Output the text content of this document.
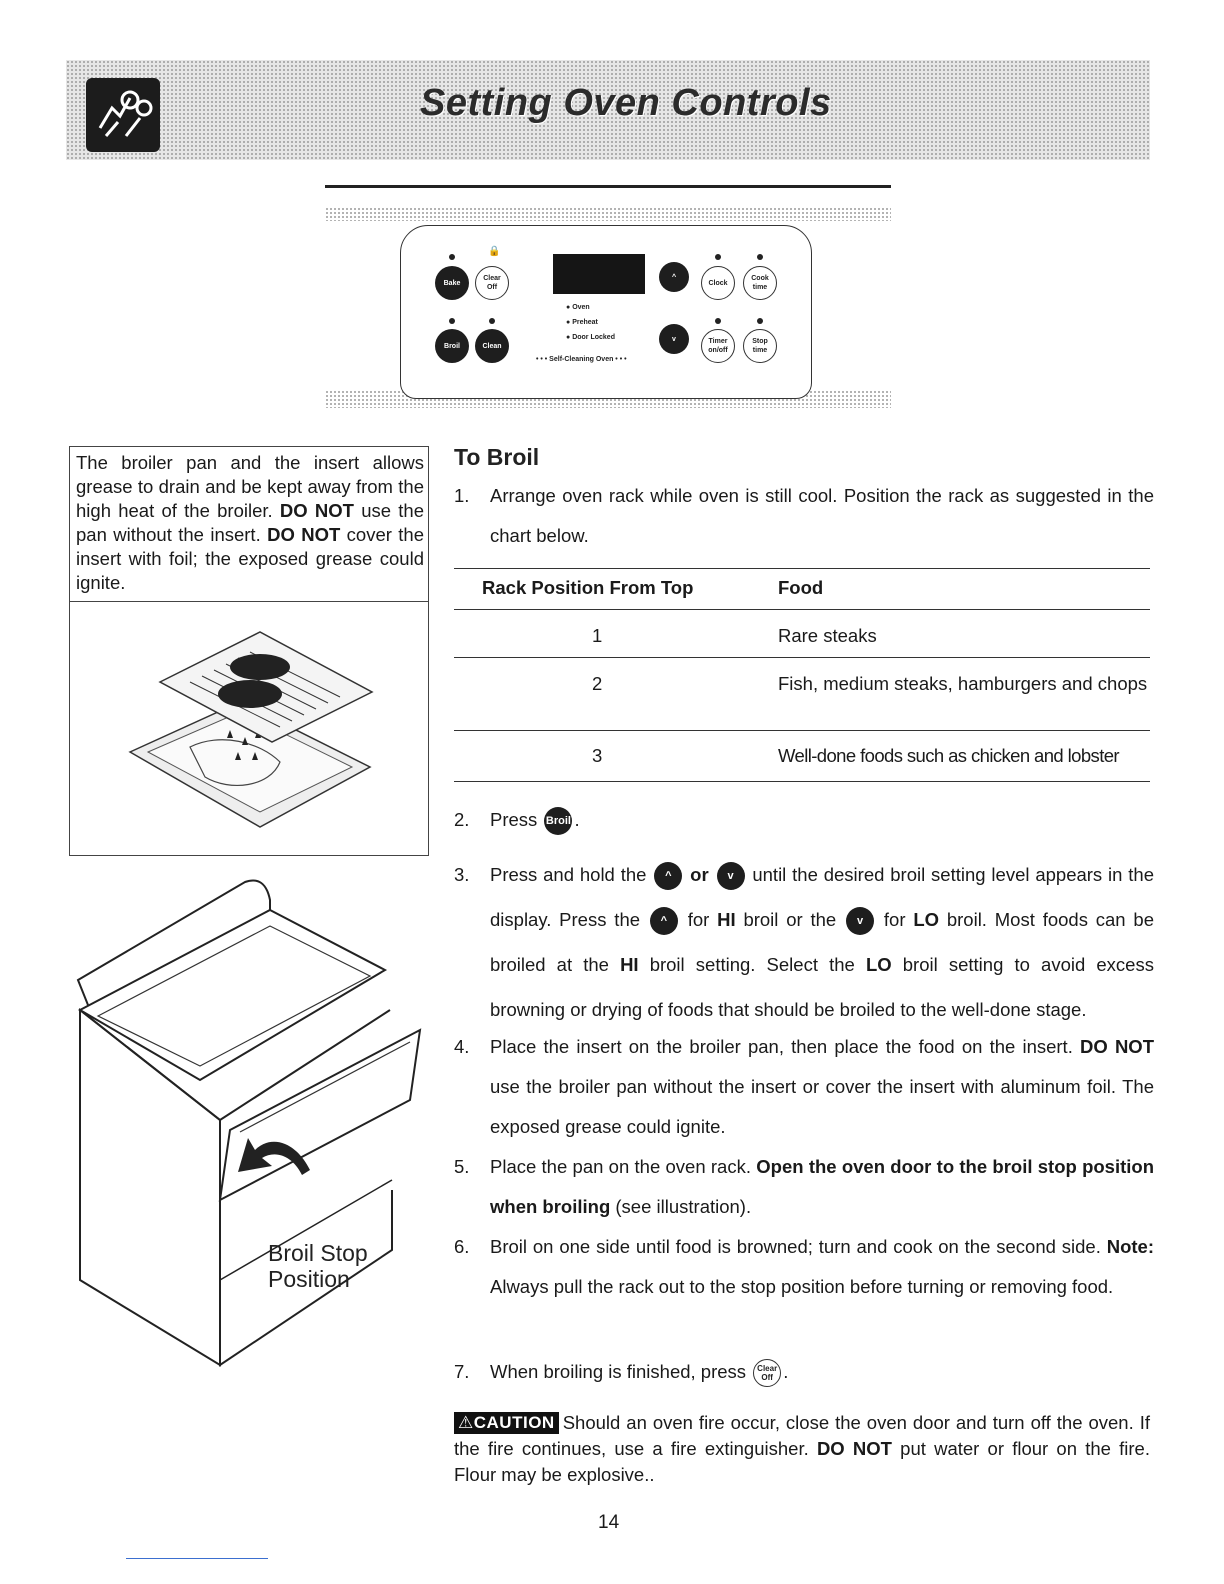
Setting Oven Controls
🔒
Bake
Clear
Off
Broil	Clean
● Oven
● Preheat
● Door Locked
• • • Self-Cleaning Oven • • •
^
v
Clock
Cook
time
Timer
on/off
Stop
time
The broiler pan and the insert allows grease to drain and be kept away from the high heat of the broiler. DO NOT use the pan without the insert. DO NOT cover the insert with foil; the exposed grease could ignite.
Broil Stop
Position
To Broil
1. Arrange oven rack while oven is still cool. Position the rack as suggested in the chart below.
Rack Position From Top	Food
1	Rare steaks
2	Fish, medium steaks, hamburgers and chops
3	Well-done foods such as chicken and lobster
2. Press Broil .
3. Press and hold the ^ or v until the desired broil setting level appears in the display. Press the ^ for HI broil or the v for LO broil. Most foods can be broiled at the HI broil setting. Select the LO broil setting to avoid excess browning or drying of foods that should be broiled to the well-done stage.
4. Place the insert on the broiler pan, then place the food on the insert. DO NOT use the broiler pan without the insert or cover the insert with aluminum foil. The exposed grease could ignite.
5. Place the pan on the oven rack. Open the oven door to the broil stop position when broiling (see illustration).
6. Broil on one side until food is browned; turn and cook on the second side. Note: Always pull the rack out to the stop position before turning or removing food.
7. When broiling is finished, press Clear
Off .
⚠CAUTION Should an oven fire occur, close the oven door and turn off the oven. If the fire continues, use a fire extinguisher. DO NOT put water or flour on the fire. Flour may be explosive..
14
